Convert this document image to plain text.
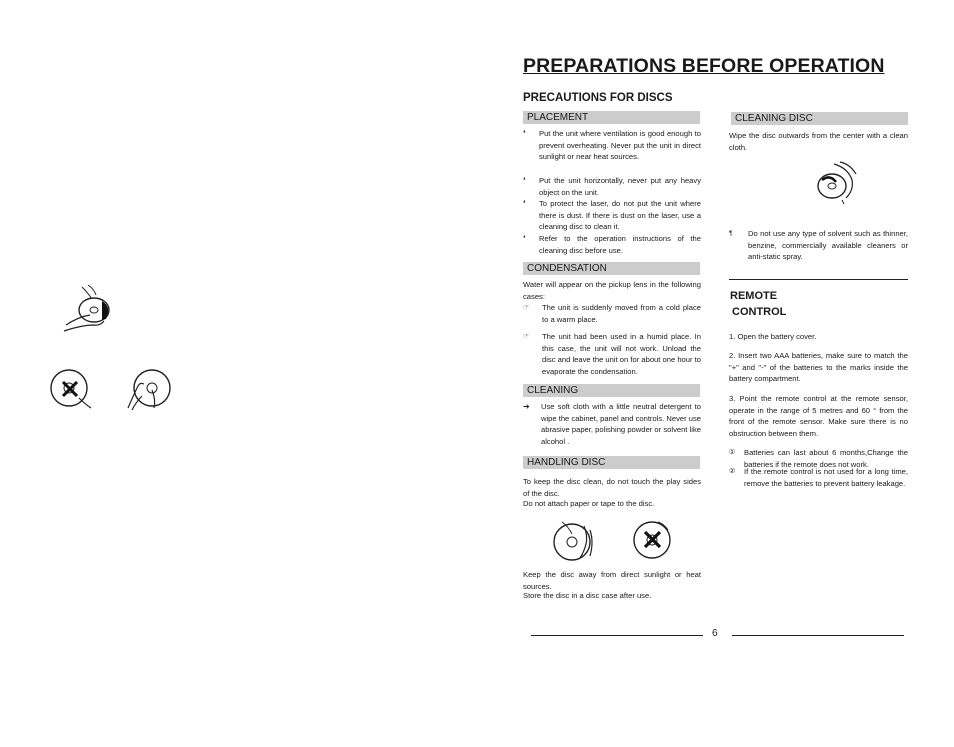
PREPARATIONS BEFORE OPERATION
PRECAUTIONS FOR DISCS
PLACEMENT
❛ Put the unit where ventilation is good enough to prevent overheating. Never put the unit in direct sunlight or near heat sources.
❛ Put the unit horizontally, never put any heavy object on the unit.
❛ To protect the laser, do not put the unit where there is dust. If there is dust on the laser, use a cleaning disc to clean it.
❛ Refer to the operation instructions of the cleaning disc before use.
CONDENSATION
Water will appear on the pickup lens in the following cases:
☞ The unit is suddenly moved from a cold place to a warm place.
☞ The unit had been used in a humid place. In this case, the unit will not work. Unload the disc and leave the unit on for about one hour to evaporate the condensation.
CLEANING
➔ Use soft cloth with a little neutral detergent to wipe the cabinet, panel and controls. Never use abrasive paper, polishing powder or solvent like alcohol .
HANDLING DISC
To keep the disc clean, do not touch the play sides of the disc.
Do not attach paper or tape to the disc.
Keep the disc away from direct sunlight or heat sources.
Store the disc in a disc case after use.
CLEANING DISC
Wipe the disc outwards from the center with a clean cloth.
¶ Do not use any type of solvent such as thinner, benzine, commercially available cleaners or anti-static spray.
REMOTE
CONTROL
1. Open the battery cover.
2. Insert two AAA batteries, make sure to match the "+" and "-" of the batteries to the marks inside the battery compartment.
3. Point the remote control at the remote sensor, operate in the range of 5 metres and 60 ° from the front of the remote sensor. Make sure there is no obstruction between them.
① Batteries can last about 6 months,Change the batteries if the remote does not work.
② If the remote control is not used for a long time, remove the batteries to prevent battery leakage.
6
